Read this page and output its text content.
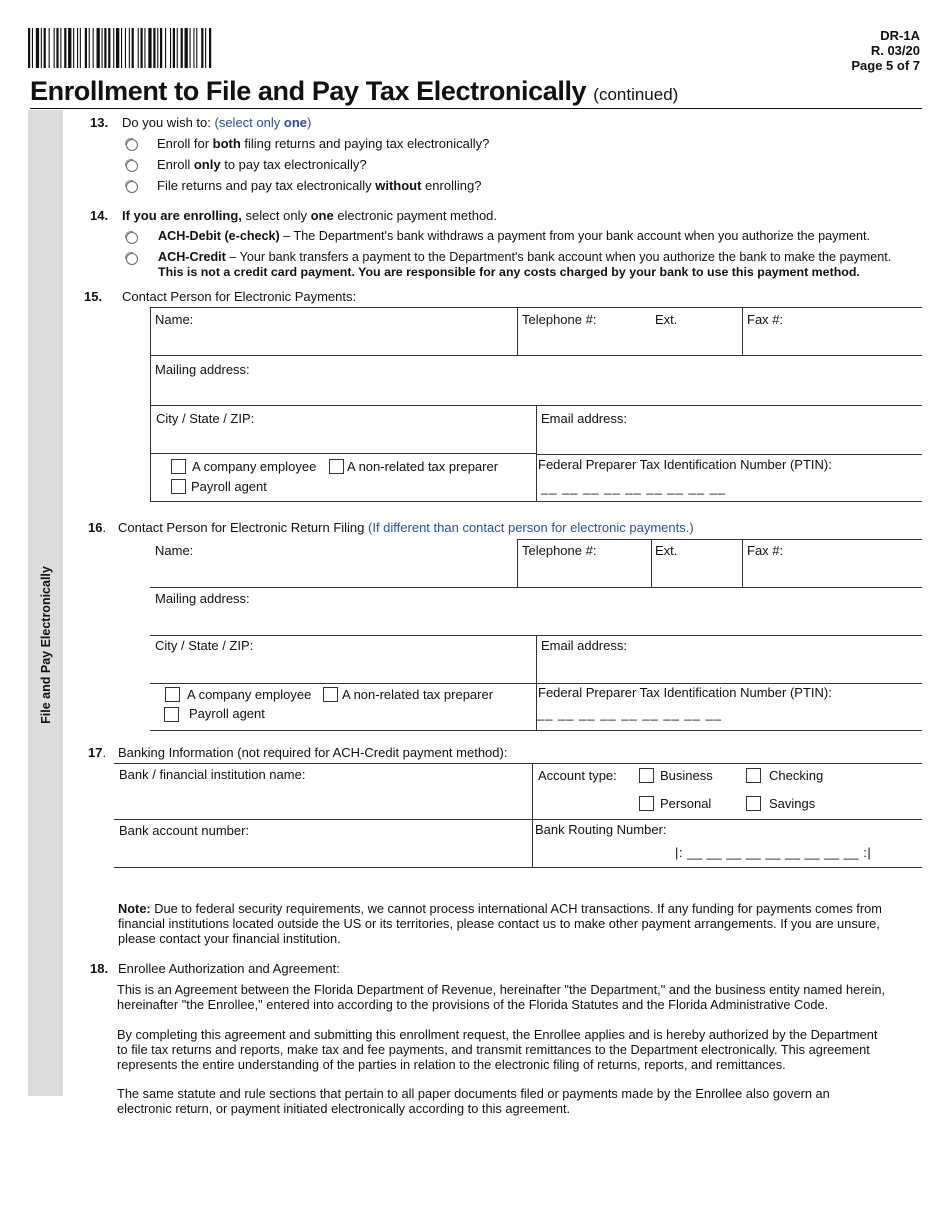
DR-1A
R. 03/20
Page 5 of 7
Enrollment to File and Pay Tax Electronically (continued)
File and Pay Electronically
13. Do you wish to: (select only one)
Enroll for both filing returns and paying tax electronically?
Enroll only to pay tax electronically?
File returns and pay tax electronically without enrolling?
14. If you are enrolling, select only one electronic payment method.
ACH-Debit (e-check) – The Department's bank withdraws a payment from your bank account when you authorize the payment.
ACH-Credit – Your bank transfers a payment to the Department's bank account when you authorize the bank to make the payment.
This is not a credit card payment. You are responsible for any costs charged by your bank to use this payment method.
15. Contact Person for Electronic Payments:
Name:	Telephone #:	Ext.	Fax #:
Mailing address:
City / State / ZIP:	Email address:
A company employee A non-related tax preparer
Payroll agent
Federal Preparer Tax Identification Number (PTIN):
__ __ __ __ __ __ __ __ __
16. Contact Person for Electronic Return Filing (If different than contact person for electronic payments.)
Name:	Telephone #:	Ext.	Fax #:
Mailing address:
City / State / ZIP:	Email address:
A company employee A non-related tax preparer
Payroll agent
Federal Preparer Tax Identification Number (PTIN):
__ __ __ __ __ __ __ __ __
17. Banking Information (not required for ACH-Credit payment method):
Bank / financial institution name:	Account type:	Business	Checking
Personal	Savings
Bank account number:	Bank Routing Number:
|: __ __ __ __ __ __ __ __ __ :|
Note: Due to federal security requirements, we cannot process international ACH transactions. If any funding for payments comes from financial institutions located outside the US or its territories, please contact us to make other payment arrangements. If you are unsure, please contact your financial institution.
18. Enrollee Authorization and Agreement:
This is an Agreement between the Florida Department of Revenue, hereinafter "the Department," and the business entity named herein, hereinafter "the Enrollee," entered into according to the provisions of the Florida Statutes and the Florida Administrative Code.
By completing this agreement and submitting this enrollment request, the Enrollee applies and is hereby authorized by the Department to file tax returns and reports, make tax and fee payments, and transmit remittances to the Department electronically. This agreement represents the entire understanding of the parties in relation to the electronic filing of returns, reports, and remittances.
The same statute and rule sections that pertain to all paper documents filed or payments made by the Enrollee also govern an electronic return, or payment initiated electronically according to this agreement.
